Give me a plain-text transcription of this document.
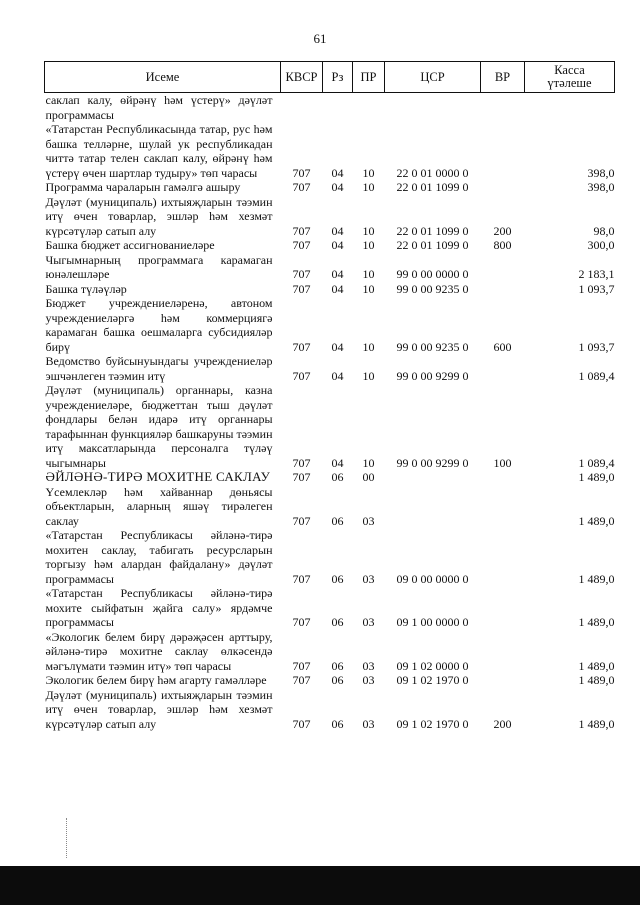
61
Исеме	КВСР	Рз	ПР	ЦСР	ВР	Касса
үтәлеше
саклап калу, өйрәнү һәм үстерү» дәүләт программасы						
«Татарстан Республикасында татар, рус һәм башка телләрне, шулай ук республикадан читтә татар телен саклап калу, өйрәнү һәм үстерү өчен шартлар тудыру» төп чарасы	707	04	10	22 0 01 0000 0		398,0
Программа чараларын гамәлгә ашыру	707	04	10	22 0 01 1099 0		398,0
Дәүләт (муниципаль) ихтыяҗларын тәэмин итү өчен товарлар, эшләр һәм хезмәт күрсәтүләр сатып алу	707	04	10	22 0 01 1099 0	200	98,0
Башка бюджет ассигнованиеләре	707	04	10	22 0 01 1099 0	800	300,0
Чыгымнарның программага карамаган юнәлешләре	707	04	10	99 0 00 0000 0		2 183,1
Башка түләүләр	707	04	10	99 0 00 9235 0		1 093,7
Бюджет учреждениеләренә, автоном учреждениеләргә һәм коммерциягә карамаган башка оешмаларга субсидияләр бирү	707	04	10	99 0 00 9235 0	600	1 093,7
Ведомство буйсынуындагы учреждениеләр эшчәнлеген тәэмин итү	707	04	10	99 0 00 9299 0		1 089,4
Дәүләт (муниципаль) органнары, казна учреждениеләре, бюджеттан тыш дәүләт фондлары белән идарә итү органнары тарафыннан функцияләр башкаруны тәэмин итү максатларында персоналга түләү чыгымнары	707	04	10	99 0 00 9299 0	100	1 089,4
ӘЙЛӘНӘ-ТИРӘ МОХИТНЕ САКЛАУ	707	06	00			1 489,0
Үсемлекләр һәм хайваннар дөньясы объектларын, аларның яшәү тирәлеген саклау	707	06	03			1 489,0
«Татарстан Республикасы әйләнә-тирә мохитен саклау, табигать ресурсларын торгызу һәм алардан файдалану» дәүләт программасы	707	06	03	09 0 00 0000 0		1 489,0
«Татарстан Республикасы әйләнә-тирә мохите сыйфатын җайга салу» ярдәмче программасы	707	06	03	09 1 00 0000 0		1 489,0
«Экологик белем бирү дәрәҗәсен арттыру, әйләнә-тирә мохитне саклау өлкәсендә мәгълүмати тәэмин итү» төп чарасы	707	06	03	09 1 02 0000 0		1 489,0
Экологик белем бирү һәм агарту гамәлләре	707	06	03	09 1 02 1970 0		1 489,0
Дәүләт (муниципаль) ихтыяҗларын тәэмин итү өчен товарлар, эшләр һәм хезмәт күрсәтүләр сатып алу	707	06	03	09 1 02 1970 0	200	1 489,0
